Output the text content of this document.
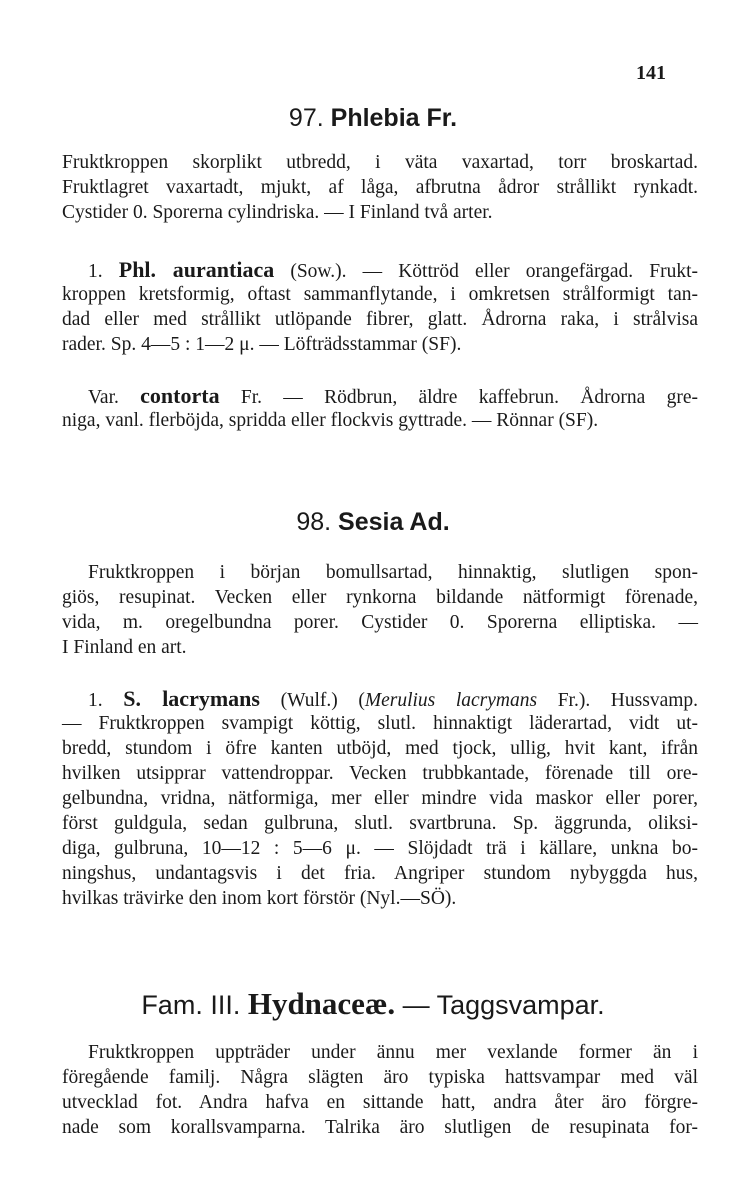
141
97. Phlebia Fr.
Fruktkroppen skorplikt utbredd, i väta vaxartad, torr broskartad.
Fruktlagret vaxartadt, mjukt, af låga, afbrutna ådror strållikt rynkadt.
Cystider 0. Sporerna cylindriska. — I Finland två arter.
1. Phl. aurantiaca (Sow.). — Köttröd eller orangefärgad. Frukt-
kroppen kretsformig, oftast sammanflytande, i omkretsen strålformigt tan-
dad eller med strållikt utlöpande fibrer, glatt. Ådrorna raka, i strålvisa
rader. Sp. 4—5 : 1—2 μ. — Löfträdsstammar (SF).
Var. contorta Fr. — Rödbrun, äldre kaffebrun. Ådrorna gre-
niga, vanl. flerböjda, spridda eller flockvis gyttrade. — Rönnar (SF).
98. Sesia Ad.
Fruktkroppen i början bomullsartad, hinnaktig, slutligen spon-
giös, resupinat. Vecken eller rynkorna bildande nätformigt förenade,
vida, m. oregelbundna porer. Cystider 0. Sporerna elliptiska. —
I Finland en art.
1. S. lacrymans (Wulf.) (Merulius lacrymans Fr.). Hussvamp.
— Fruktkroppen svampigt köttig, slutl. hinnaktigt läderartad, vidt ut-
bredd, stundom i öfre kanten utböjd, med tjock, ullig, hvit kant, ifrån
hvilken utsipprar vattendroppar. Vecken trubbkantade, förenade till ore-
gelbundna, vridna, nätformiga, mer eller mindre vida maskor eller porer,
först guldgula, sedan gulbruna, slutl. svartbruna. Sp. äggrunda, oliksi-
diga, gulbruna, 10—12 : 5—6 μ. — Slöjdadt trä i källare, unkna bo-
ningshus, undantagsvis i det fria. Angriper stundom nybyggda hus,
hvilkas trävirke den inom kort förstör (Nyl.—SÖ).
Fam. III. Hydnaceæ. — Taggsvampar.
Fruktkroppen uppträder under ännu mer vexlande former än i
föregående familj. Några slägten äro typiska hattsvampar med väl
utvecklad fot. Andra hafva en sittande hatt, andra åter äro förgre-
nade som korallsvamparna. Talrika äro slutligen de resupinata for-
